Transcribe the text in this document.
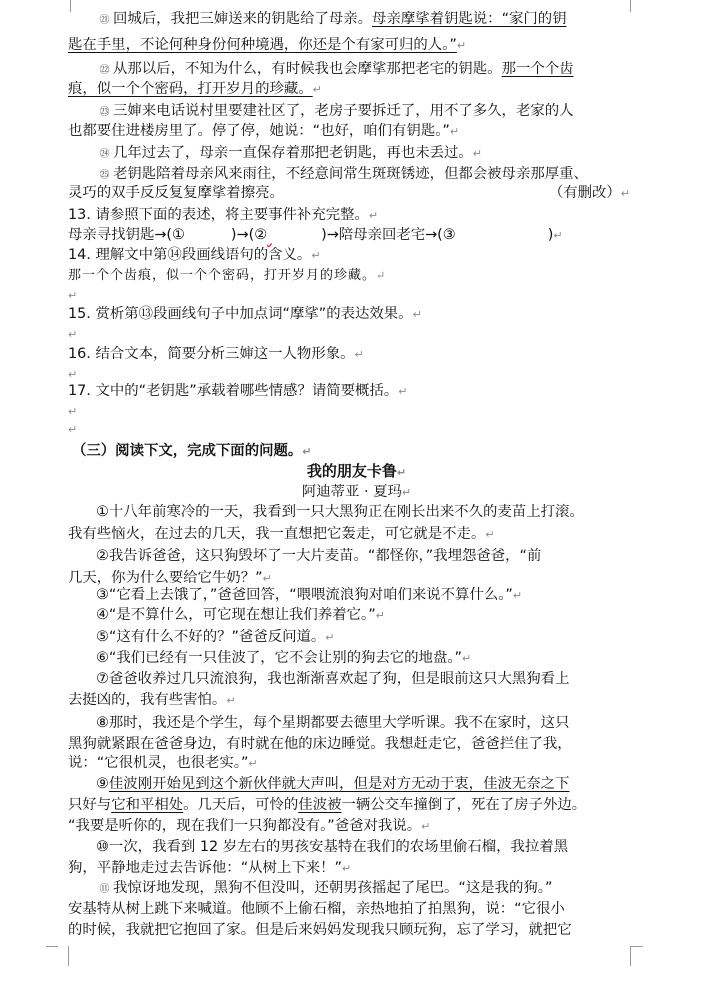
㉑ 回城后，我把三婶送来的钥匙给了母亲。母亲摩挲着钥匙说：“家门的钥
匙在手里，不论何种身份何种境遇，你还是个有家可归的人。”↵
㉒ 从那以后，不知为什么，有时候我也会摩挲那把老宅的钥匙。那一个个齿
痕，似一个个密码，打开岁月的珍藏。↵
㉓ 三婶来电话说村里要建社区了，老房子要拆迁了，用不了多久，老家的人
也都要住进楼房里了。停了停，她说：“也好，咱们有钥匙。”↵
㉔ 几年过去了，母亲一直保存着那把老钥匙，再也未丢过。↵
㉕ 老钥匙陪着母亲风来雨往，不经意间常生斑斑锈迹，但都会被母亲那厚重、
灵巧的双手反反复复摩挲着擦亮。	（有删改）↵
13. 请参照下面的表述，将主要事件补充完整。↵
母亲寻找钥匙→(①	)→(②	)→陪母亲回老宅→(③	)↵
14. 理解文中第⑭段画线语句的含义。↵
那一个个齿痕，似一个个密码，打开岁月的珍藏。↵
↵
15. 赏析第⑬段画线句子中加点词“摩挲”的表达效果。↵
↵
16. 结合文本，简要分析三婶这一人物形象。↵
↵
17. 文中的“老钥匙”承载着哪些情感？请简要概括。↵
↵
↵
（三）阅读下文，完成下面的问题。↵
我的朋友卡鲁↵
阿迪蒂亚 · 夏玛↵
①十八年前寒冷的一天，我看到一只大黑狗正在刚长出来不久的麦苗上打滚。
我有些恼火，在过去的几天，我一直想把它轰走，可它就是不走。↵
②我告诉爸爸，这只狗毁坏了一大片麦苗。“都怪你，”我埋怨爸爸，“前
几天，你为什么要给它牛奶？”↵
③“它看上去饿了，”爸爸回答，“喂喂流浪狗对咱们来说不算什么。”↵
④“是不算什么，可它现在想让我们养着它。”↵
⑤“这有什么不好的？”爸爸反问道。↵
⑥“我们已经有一只佳波了，它不会让别的狗去它的地盘。”↵
⑦爸爸收养过几只流浪狗，我也渐渐喜欢起了狗，但是眼前这只大黑狗看上
去挺凶的，我有些害怕。↵
⑧那时，我还是个学生，每个星期都要去德里大学听课。我不在家时，这只
黑狗就紧跟在爸爸身边，有时就在他的床边睡觉。我想赶走它，爸爸拦住了我，
说：“它很机灵，也很老实。”↵
⑨佳波刚开始见到这个新伙伴就大声叫，但是对方无动于衷，佳波无奈之下
只好与它和平相处。几天后，可怜的佳波被一辆公交车撞倒了，死在了房子外边。
“我要是听你的，现在我们一只狗都没有。”爸爸对我说。↵
⑩一次，我看到 12 岁左右的男孩安基特在我们的农场里偷石榴，我拉着黑
狗，平静地走过去告诉他：“从树上下来！”↵
⑪ 我惊讶地发现，黑狗不但没叫，还朝男孩摇起了尾巴。“这是我的狗。”
安基特从树上跳下来喊道。他顾不上偷石榴，亲热地拍了拍黑狗，说：“它很小
的时候，我就把它抱回了家。但是后来妈妈发现我只顾玩狗，忘了学习，就把它
